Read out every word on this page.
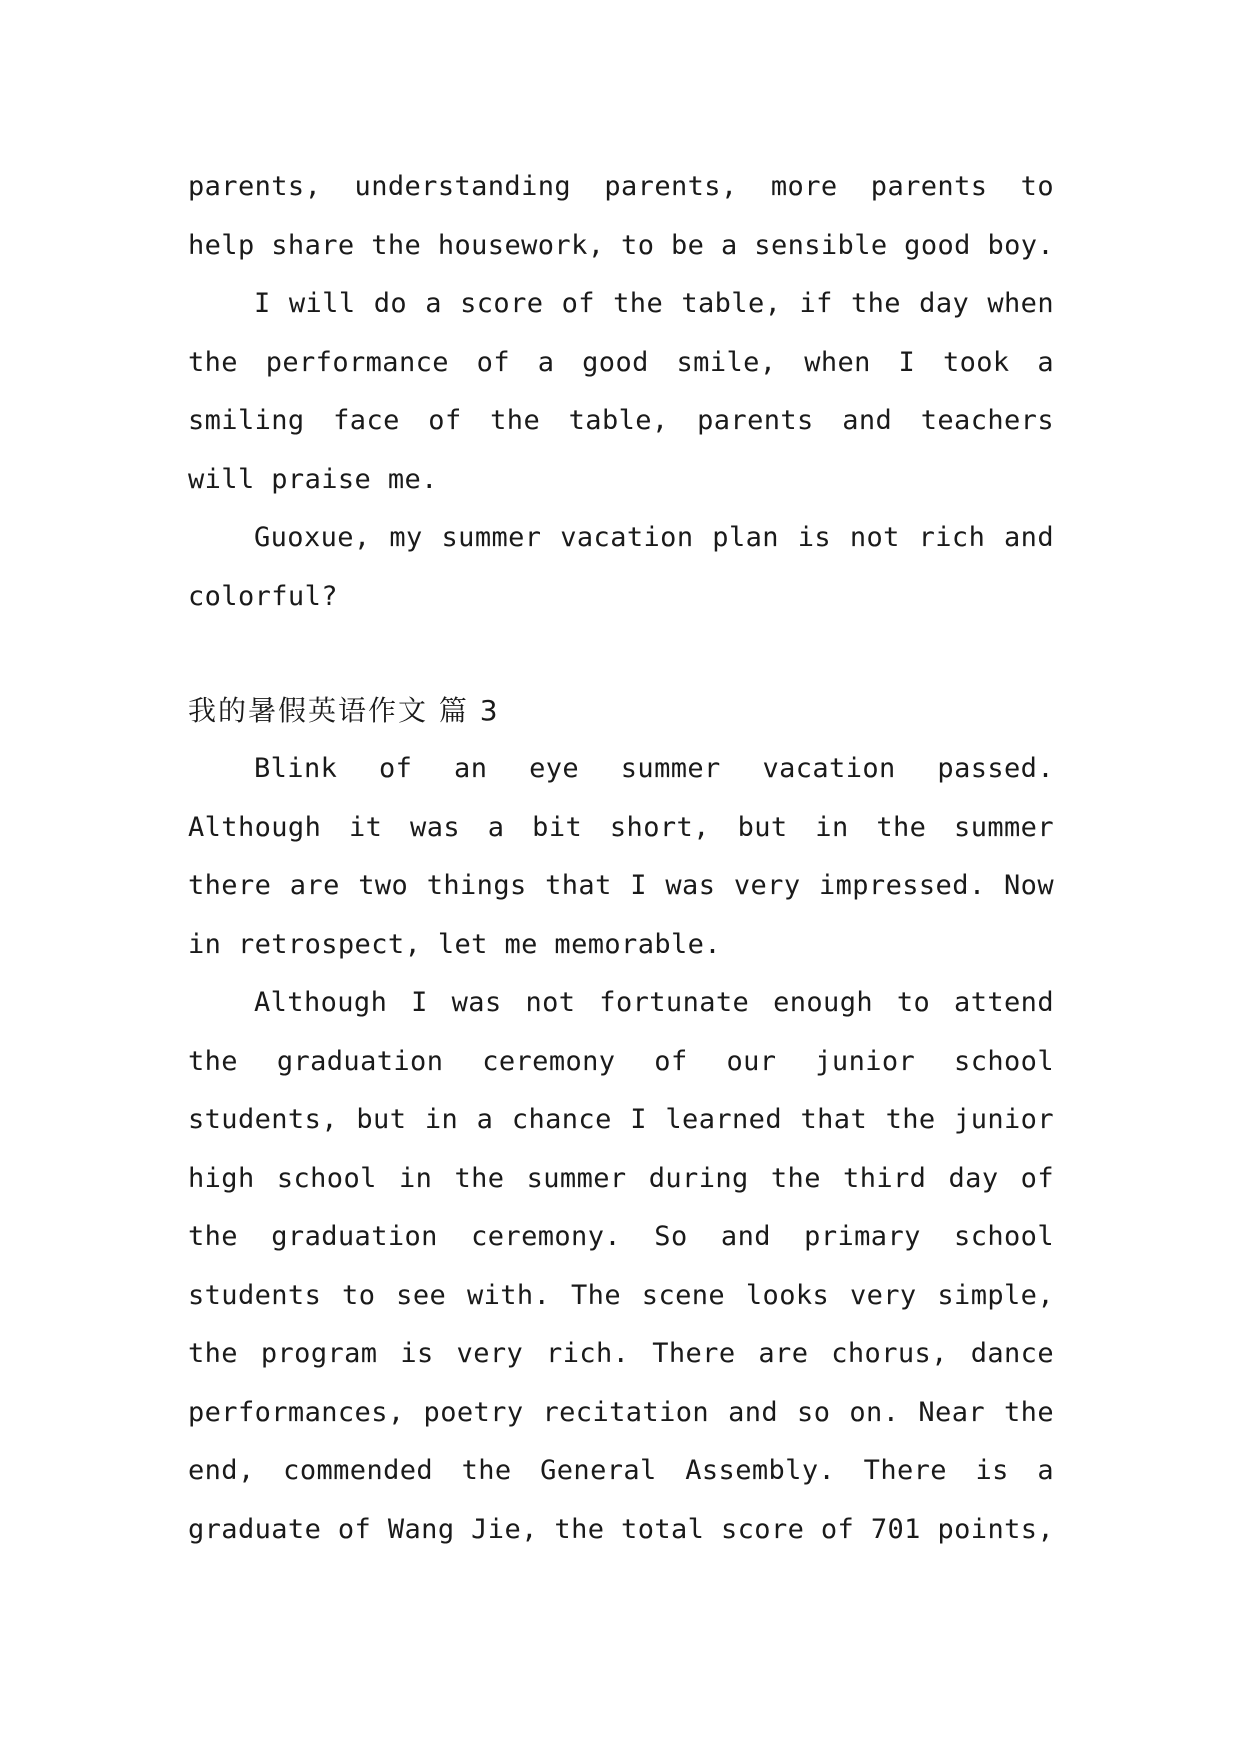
parents, understanding parents, more parents to
help share the housework, to be a sensible good boy.
I will do a score of the table, if the day when
the performance of a good smile, when I took a
smiling face of the table, parents and teachers
will praise me.
Guoxue, my summer vacation plan is not rich and
colorful?
我的暑假英语作文 篇 3
Blink of an eye summer vacation passed.
Although it was a bit short, but in the summer
there are two things that I was very impressed. Now
in retrospect, let me memorable.
Although I was not fortunate enough to attend
the graduation ceremony of our junior school
students, but in a chance I learned that the junior
high school in the summer during the third day of
the graduation ceremony. So and primary school
students to see with. The scene looks very simple,
the program is very rich. There are chorus, dance
performances, poetry recitation and so on. Near the
end, commended the General Assembly. There is a
graduate of Wang Jie, the total score of 701 points,
